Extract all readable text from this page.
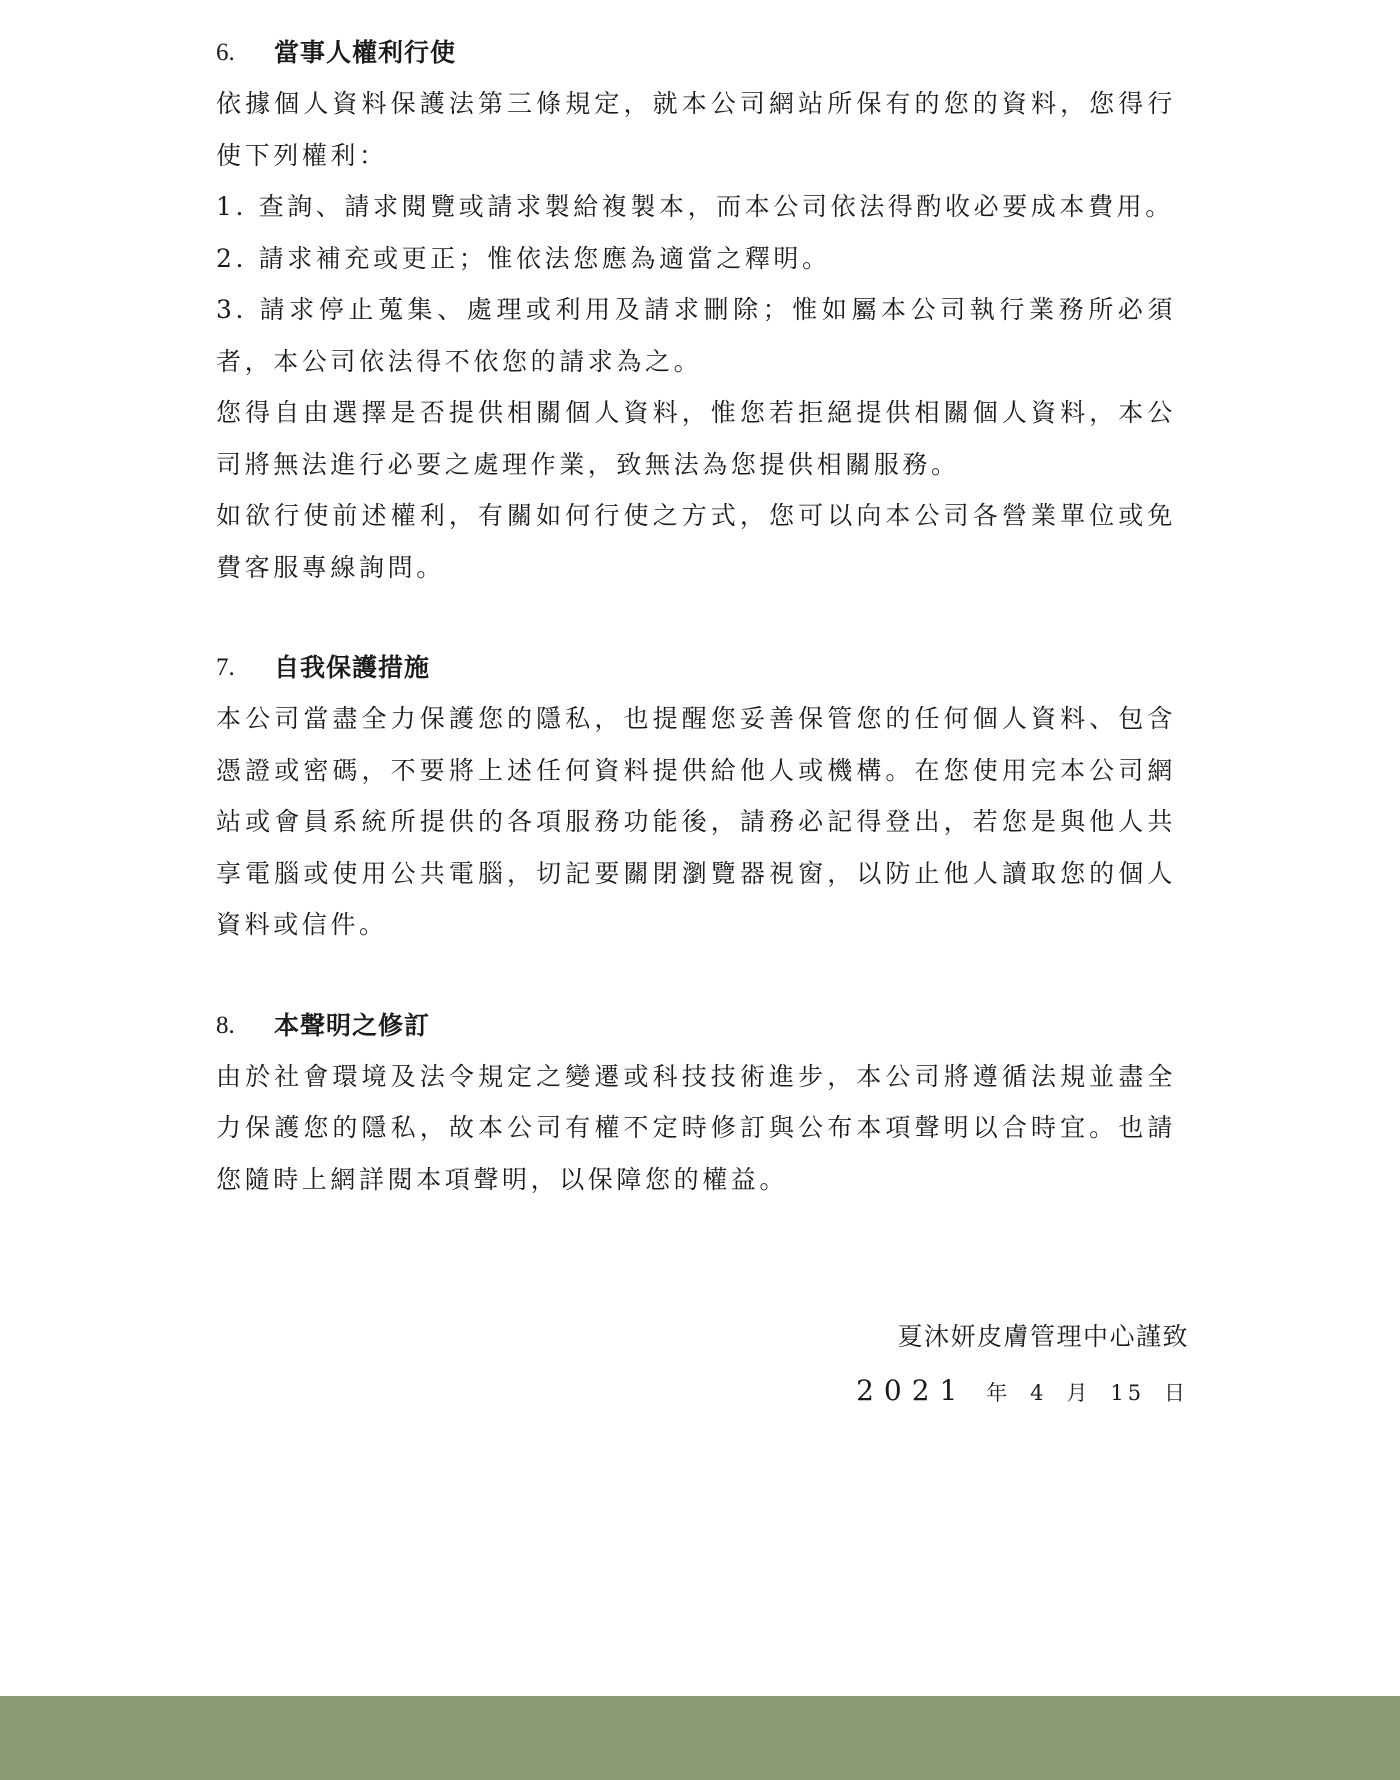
6.	當事人權利行使

依據個人資料保護法第三條規定，就本公司網站所保有的您的資料，您得行使下列權利：

1. 查詢、請求閱覽或請求製給複製本，而本公司依法得酌收必要成本費用。

2. 請求補充或更正；惟依法您應為適當之釋明。

3. 請求停止蒐集、處理或利用及請求刪除；惟如屬本公司執行業務所必須者，本公司依法得不依您的請求為之。

您得自由選擇是否提供相關個人資料，惟您若拒絕提供相關個人資料，本公司將無法進行必要之處理作業，致無法為您提供相關服務。

如欲行使前述權利，有關如何行使之方式，您可以向本公司各營業單位或免費客服專線詢問。

7.	自我保護措施

本公司當盡全力保護您的隱私，也提醒您妥善保管您的任何個人資料、包含憑證或密碼，不要將上述任何資料提供給他人或機構。在您使用完本公司網站或會員系統所提供的各項服務功能後，請務必記得登出，若您是與他人共享電腦或使用公共電腦，切記要關閉瀏覽器視窗，以防止他人讀取您的個人資料或信件。

8.	本聲明之修訂

由於社會環境及法令規定之變遷或科技技術進步，本公司將遵循法規並盡全力保護您的隱私，故本公司有權不定時修訂與公布本項聲明以合時宜。也請您隨時上網詳閱本項聲明，以保障您的權益。

夏沐妍皮膚管理中心謹致
2021 年 4 月 15 日
